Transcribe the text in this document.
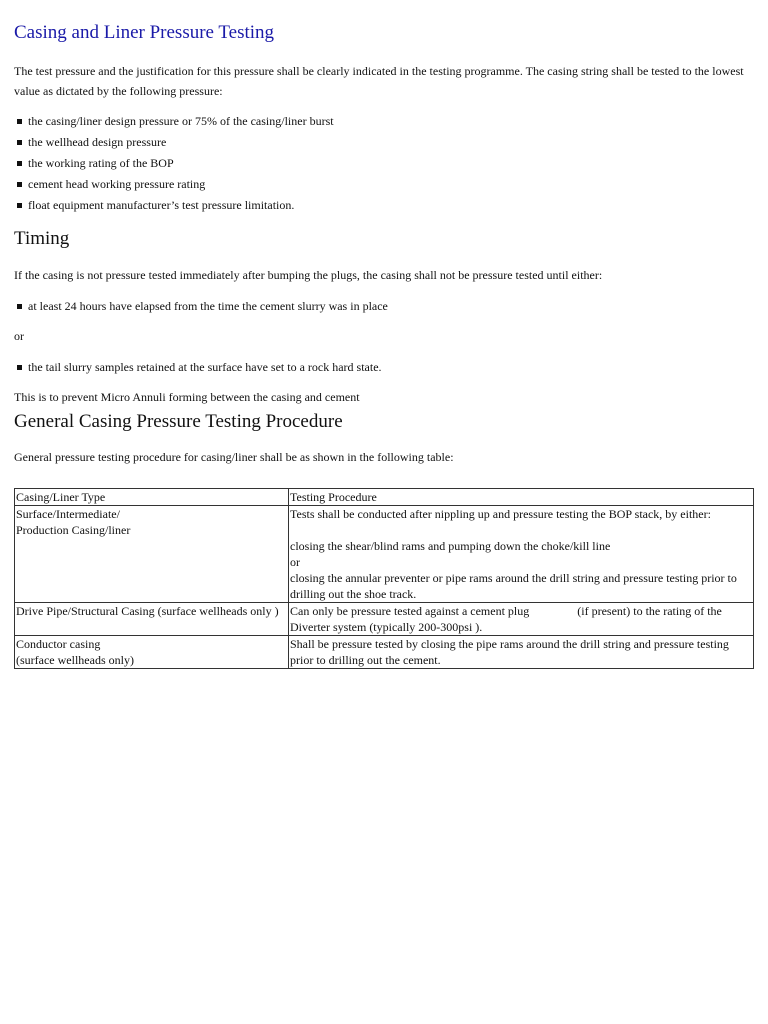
Casing and Liner Pressure Testing

The test pressure and the justification for this pressure shall be clearly indicated in the testing programme. The casing string shall be tested to the lowest value as dictated by the following pressure:

the casing/liner design pressure or 75% of the casing/liner burst
the wellhead design pressure
the working rating of the BOP
cement head working pressure rating
float equipment manufacturer’s test pressure limitation.
Timing

If the casing is not pressure tested immediately after bumping the plugs, the casing shall not be pressure tested until either:

at least 24 hours have elapsed from the time the cement slurry was in place

or

the tail slurry samples retained at the surface have set to a rock hard state.

This is to prevent Micro Annuli forming between the casing and cement

General Casing Pressure Testing Procedure

General pressure testing procedure for casing/liner shall be as shown in the following table:

Casing/Liner Type	Testing Procedure

Surface/Intermediate/
Production Casing/liner	Tests shall be conducted after nippling up and pressure testing the BOP stack, by either:
closing the shear/blind rams and pumping down the choke/kill line
or
closing the annular preventer or pipe rams around the drill string and pressure testing prior to drilling out the shoe track.

Drive Pipe/Structural Casing (surface wellheads only )	Can only be pressure tested against a cement plug                (if present) to the rating of the Diverter system (typically 200-300psi ).

Conductor casing
(surface wellheads only)	Shall be pressure tested by closing the pipe rams around the drill string and pressure testing prior to drilling out the cement.
